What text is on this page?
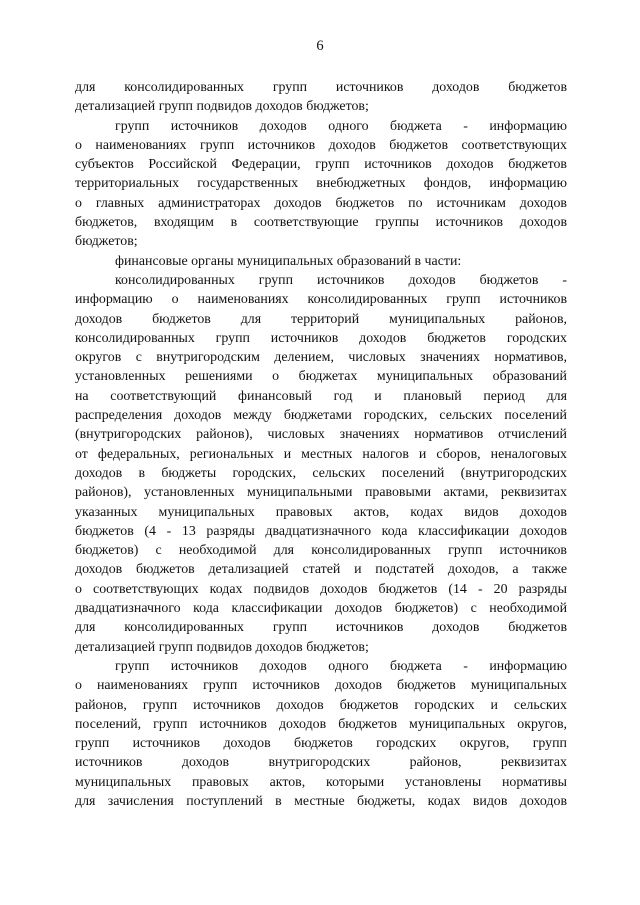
6
для консолидированных групп источников доходов бюджетов
детализацией групп подвидов доходов бюджетов;
групп источников доходов одного бюджета - информацию
о наименованиях групп источников доходов бюджетов соответствующих
субъектов Российской Федерации, групп источников доходов бюджетов
территориальных государственных внебюджетных фондов, информацию
о главных администраторах доходов бюджетов по источникам доходов
бюджетов, входящим в соответствующие группы источников доходов
бюджетов;
финансовые органы муниципальных образований в части:
консолидированных групп источников доходов бюджетов -
информацию о наименованиях консолидированных групп источников
доходов бюджетов для территорий муниципальных районов,
консолидированных групп источников доходов бюджетов городских
округов с внутригородским делением, числовых значениях нормативов,
установленных решениями о бюджетах муниципальных образований
на соответствующий финансовый год и плановый период для
распределения доходов между бюджетами городских, сельских поселений
(внутригородских районов), числовых значениях нормативов отчислений
от федеральных, региональных и местных налогов и сборов, неналоговых
доходов в бюджеты городских, сельских поселений (внутригородских
районов), установленных муниципальными правовыми актами, реквизитах
указанных муниципальных правовых актов, кодах видов доходов
бюджетов (4 - 13 разряды двадцатизначного кода классификации доходов
бюджетов) с необходимой для консолидированных групп источников
доходов бюджетов детализацией статей и подстатей доходов, а также
о соответствующих кодах подвидов доходов бюджетов (14 - 20 разряды
двадцатизначного кода классификации доходов бюджетов) с необходимой
для консолидированных групп источников доходов бюджетов
детализацией групп подвидов доходов бюджетов;
групп источников доходов одного бюджета - информацию
о наименованиях групп источников доходов бюджетов муниципальных
районов, групп источников доходов бюджетов городских и сельских
поселений, групп источников доходов бюджетов муниципальных округов,
групп источников доходов бюджетов городских округов, групп
источников доходов внутригородских районов, реквизитах
муниципальных правовых актов, которыми установлены нормативы
для зачисления поступлений в местные бюджеты, кодах видов доходов
